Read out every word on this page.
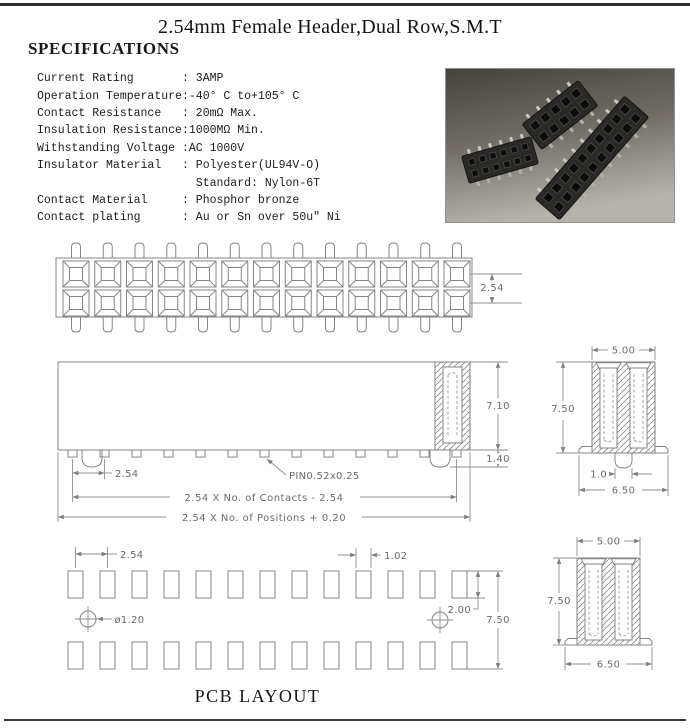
2.54mm Female Header,Dual Row,S.M.T
SPECIFICATIONS
Current Rating	: 3AMP
Operation Temperature :-40° C to+105° C
Contact Resistance	: 20mΩ Max.
Insulation Resistance :1000MΩ Min.
Withstanding Voltage :AC 1000V
Insulator Material	: Polyester(UL94V-O)
Standard: Nylon-6T
Contact Material	: Phosphor bronze
Contact plating	: Au or Sn over 50u" Ni
2.54
2.54	PIN0.52x0.25
2.54 X No. of Contacts - 2.54
2.54 X No. of Positions + 0.20
7.10
1.40
5.00
7.50
1.0
6.50
2.54	1.02
ø1.20
2.00
7.50
5.00
7.50
6.50
PCB LAYOUT
